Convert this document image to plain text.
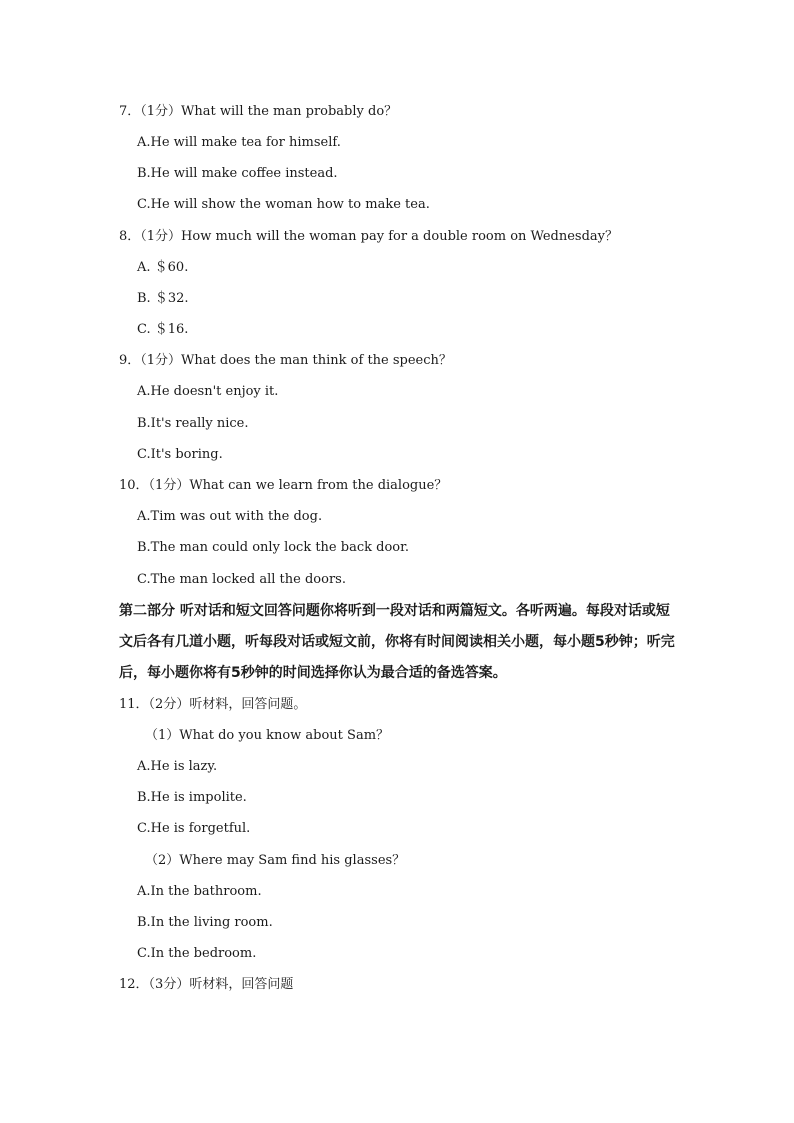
7．（1分）What will the man probably do？
A.He will make tea for himself.
B.He will make coffee instead.
C.He will show the woman how to make tea.
8．（1分）How much will the woman pay for a double room on Wednesday？
A. ＄60.
B. ＄32.
C. ＄16.
9．（1分）What does the man think of the speech？
A.He doesn't enjoy it.
B.It's really nice.
C.It's boring.
10．（1分）What can we learn from the dialogue？
A.Tim was out with the dog.
B.The man could only lock the back door.
C.The man locked all the doors.
第二部分 听对话和短文回答问题你将听到一段对话和两篇短文。各听两遍。每段对话或短文后各有几道小题，听每段对话或短文前，你将有时间阅读相关小题，每小题5秒钟；听完后，每小题你将有5秒钟的时间选择你认为最合适的备选答案。
11．（2分）听材料，回答问题。
（1）What do you know about Sam？
A.He is lazy.
B.He is impolite.
C.He is forgetful.
（2）Where may Sam find his glasses？
A.In the bathroom.
B.In the living room.
C.In the bedroom.
12．（3分）听材料，回答问题
